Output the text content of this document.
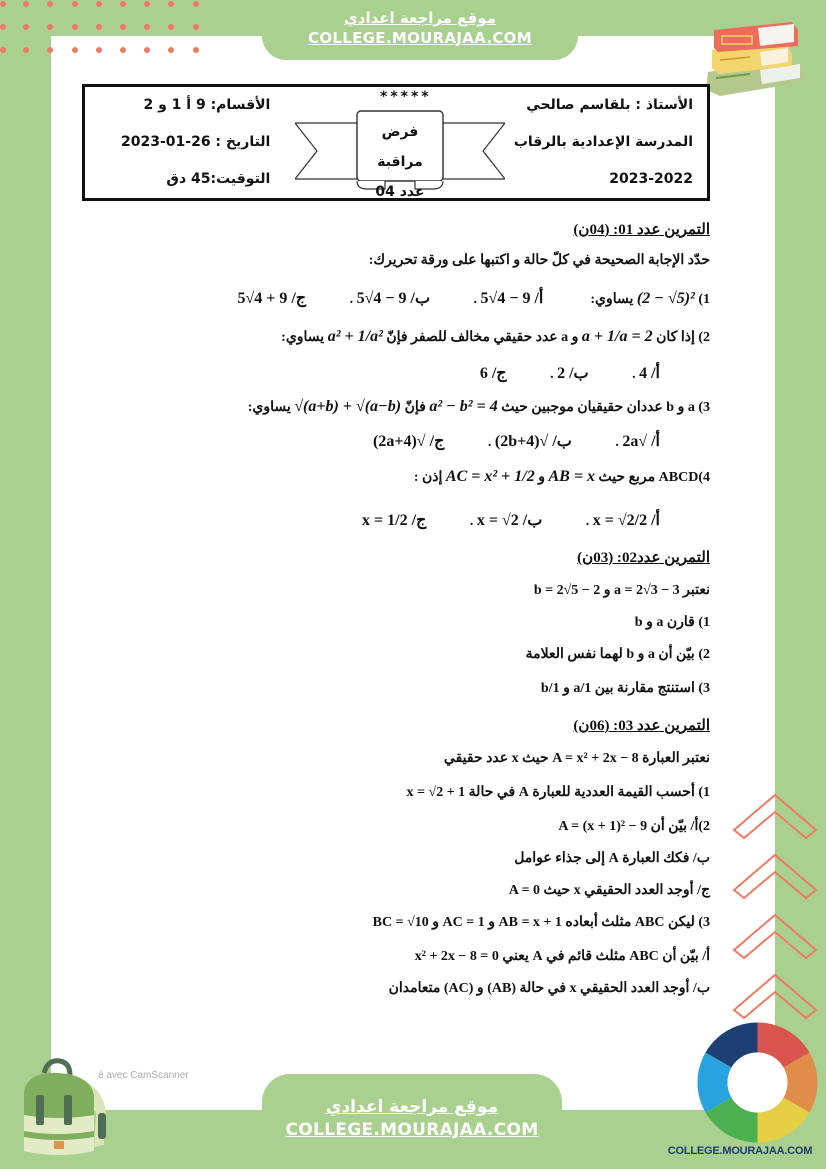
موقع مراجعة اعدادي
COLLEGE.MOURAJAA.COM
الأستاذ : بلقاسم صالحي
المدرسة الإعدادية بالرقاب
2023-2022
*****
فرض مراقبة
عدد 04
الأقسام: 9 أ 1 و 2
التاريخ : 26-01-2023
التوقيت:45 دق
التمرين عدد 01: (04ن)
حدّد الإجابة الصحيحة في كلّ حالة و اكتبها على ورقة تحريرك:
1) (2 − √5)² يساوي:  أ/ 9 − 4√5 . ب/ 9 − 4√5 . ج/ 9 + 4√5
2) إذا كان a + 1/a = 2 و a عدد حقيقي مخالف للصفر فإنّ a² + 1/a² يساوي:
أ/ 4 . ب/ 2 . ج/ 6
3) a و b عددان حقيقيان موجبين حيث a² − b² = 4 فإنّ √(a+b) + √(a−b) يساوي:
أ/ √2a . ب/ √(2b+4) . ج/ √(2a+4)
4)ABCD مربع حيث AB = x و AC = x² + 1/2 إذن :
أ/ x = √2/2 . ب/ x = √2 . ج/ x = 1/2
التمرين عدد02: (03ن)
نعتبر a = 2√3 − 3 و b = 2√5 − 2
1) قارن a و b
2) بيّن أن a و b لهما نفس العلامة
3) استنتج مقارنة بين 1/a و 1/b
التمرين عدد 03: (06ن)
نعتبر العبارة A = x² + 2x − 8 حيث x عدد حقيقي
1) أحسب القيمة العددية للعبارة A في حالة x = √2 + 1
2)أ/ بيّن أن A = (x + 1)² − 9
ب/ فكك العبارة A إلى جذاء عوامل
ج/ أوجد العدد الحقيقي x حيث A = 0
3) ليكن ABC مثلث أبعاده AB = x + 1 و AC = 1 و BC = √10
أ/ بيّن أن ABC مثلث قائم في A يعني x² + 2x − 8 = 0
ب/ أوجد العدد الحقيقي x في حالة (AB) و (AC) متعامدان
COLLEGE.MOURAJAA.COM
é avec CamScanner
موقع مراجعة اعدادي
COLLEGE.MOURAJAA.COM
